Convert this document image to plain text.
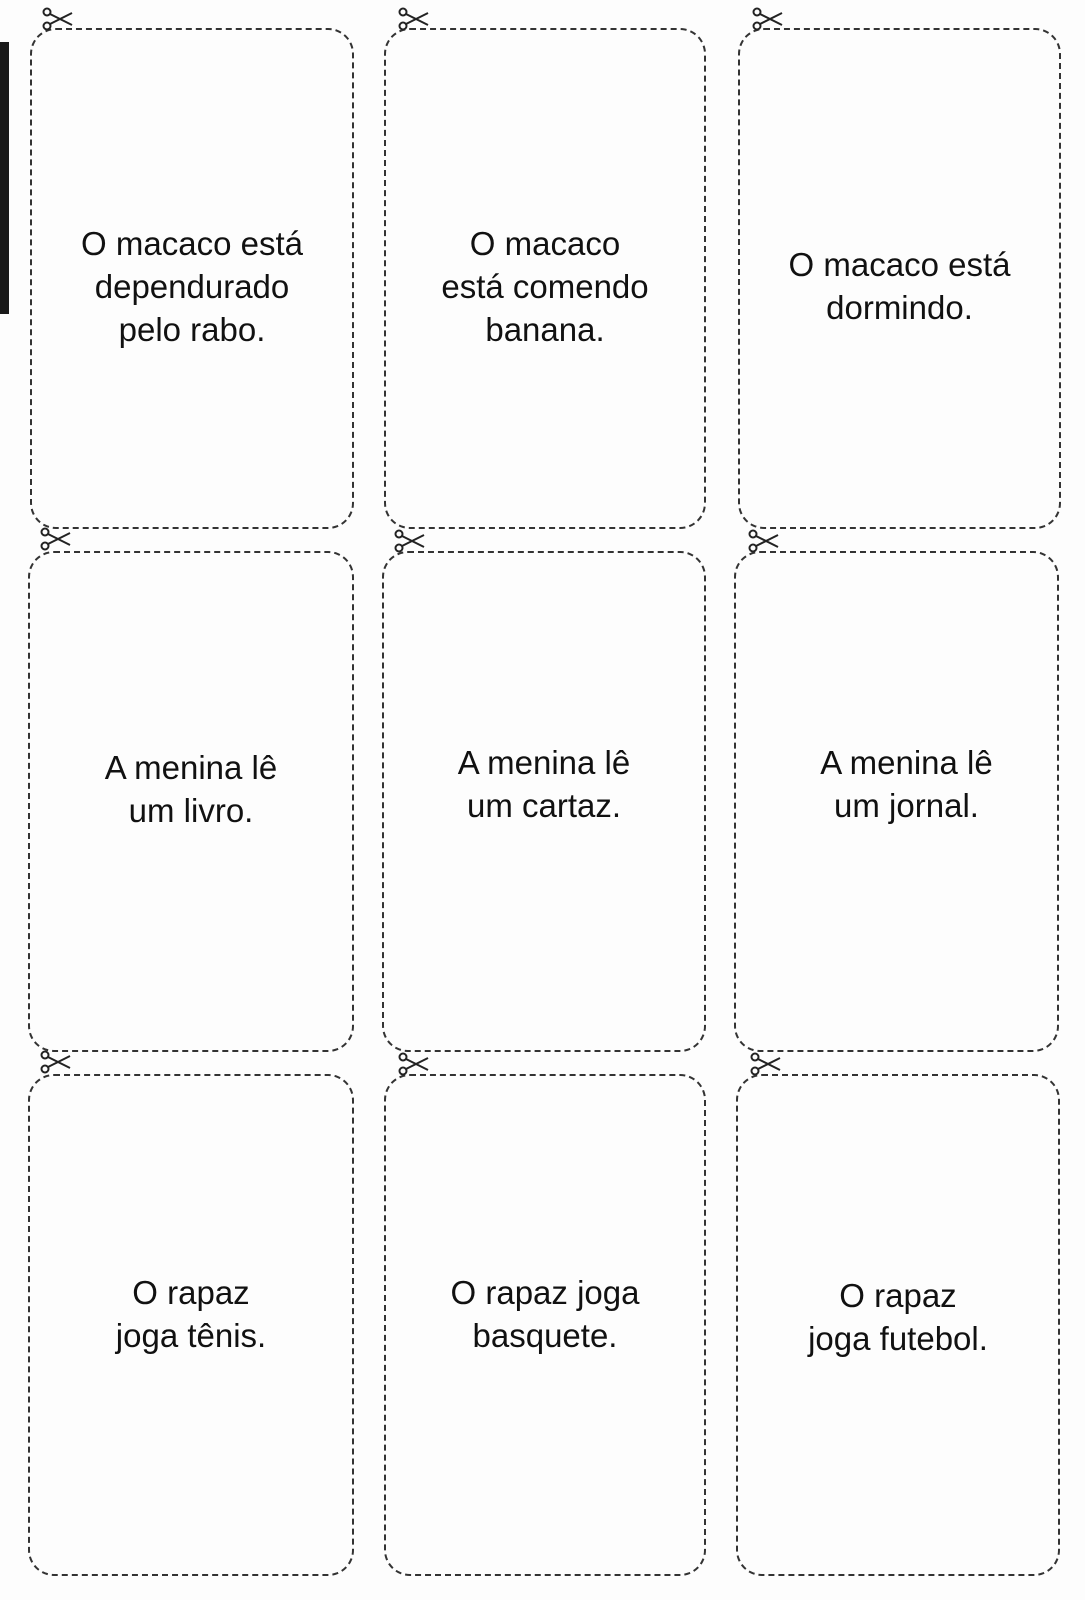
O macaco está
dependurado
pelo rabo.
O macaco
está comendo
banana.
O macaco está
dormindo.
A menina lê
um livro.
A menina lê
um cartaz.
A menina lê
um jornal.
O rapaz
joga tênis.
O rapaz joga
basquete.
O rapaz
joga futebol.
